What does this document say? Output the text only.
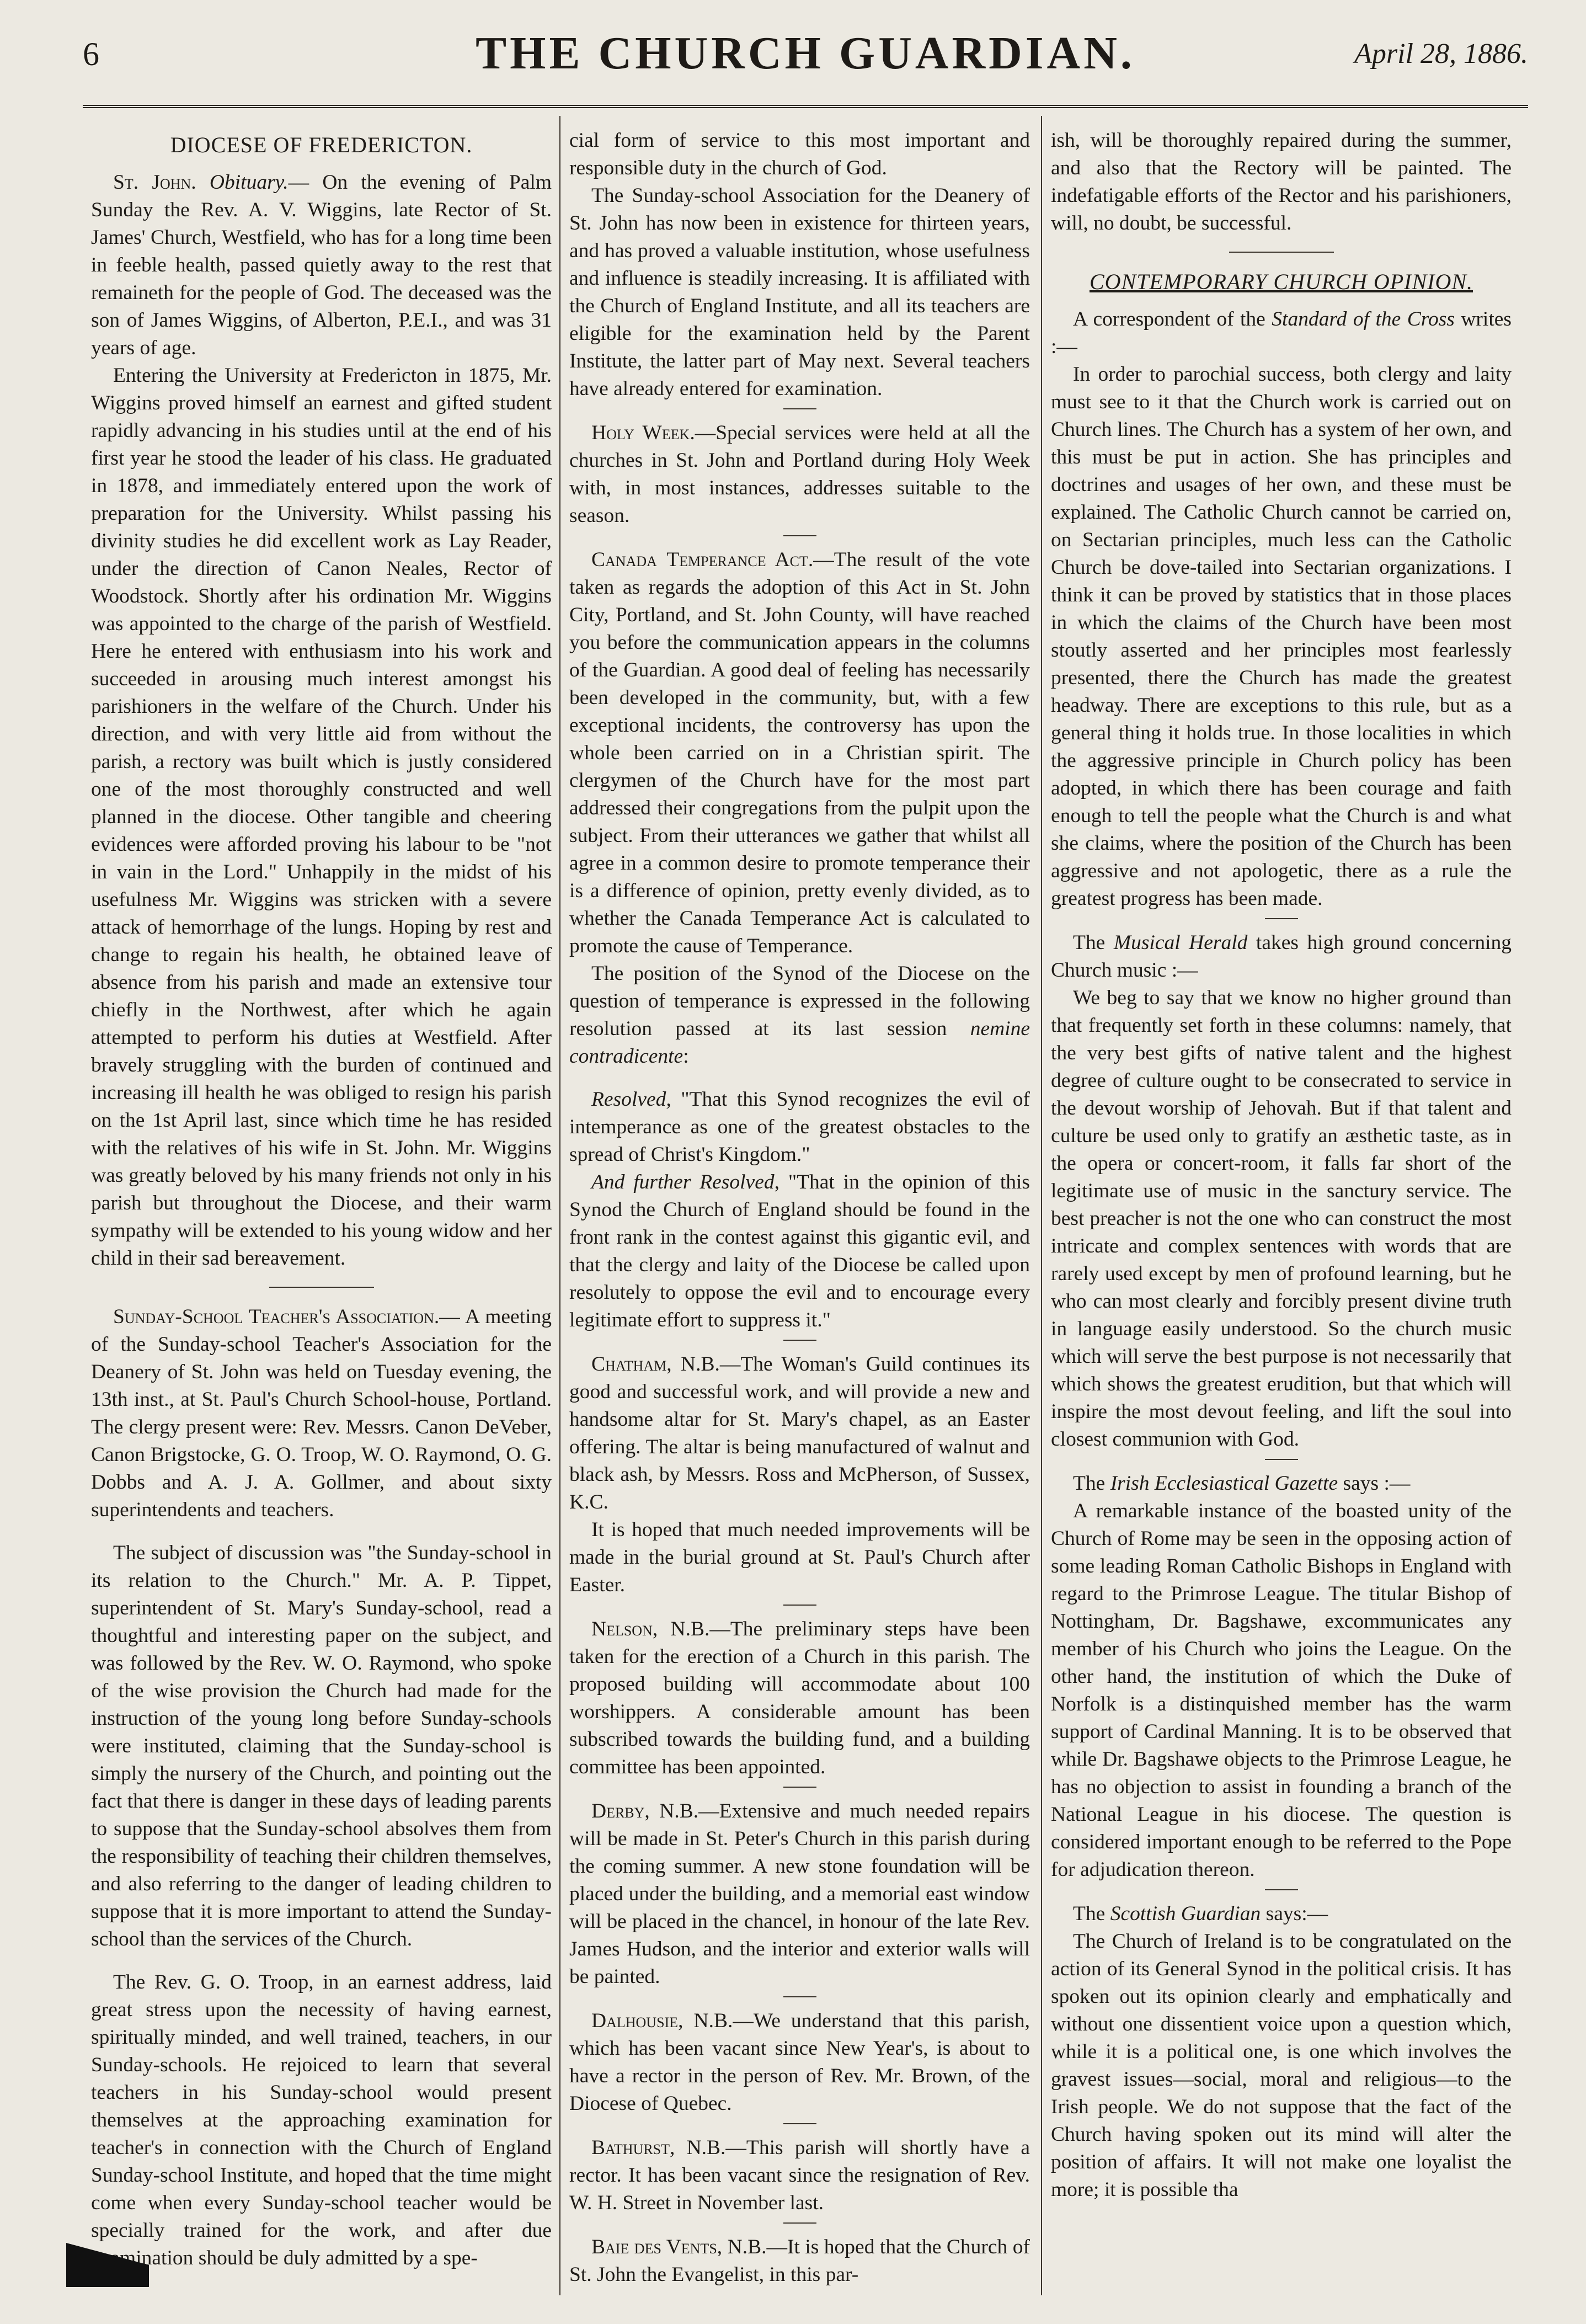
6	THE CHURCH GUARDIAN.	April 28, 1886.
DIOCESE OF FREDERICTON.

St. John. Obituary.— On the evening of Palm Sunday the Rev. A. V. Wiggins, late Rector of St. James' Church, Westfield, who has for a long time been in feeble health, passed quietly away to the rest that remaineth for the people of God. The deceased was the son of James Wiggins, of Alberton, P.E.I., and was 31 years of age.

Entering the University at Fredericton in 1875, Mr. Wiggins proved himself an earnest and gifted student rapidly advancing in his studies until at the end of his first year he stood the leader of his class. He graduated in 1878, and immediately entered upon the work of preparation for the University. Whilst passing his divinity studies he did excellent work as Lay Reader, under the direction of Canon Neales, Rector of Woodstock. Shortly after his ordination Mr. Wiggins was appointed to the charge of the parish of Westfield. Here he entered with enthusiasm into his work and succeeded in arousing much interest amongst his parishioners in the welfare of the Church. Under his direction, and with very little aid from without the parish, a rectory was built which is justly considered one of the most thoroughly constructed and well planned in the diocese. Other tangible and cheering evidences were afforded proving his labour to be "not in vain in the Lord." Unhappily in the midst of his usefulness Mr. Wiggins was stricken with a severe attack of hemorrhage of the lungs. Hoping by rest and change to regain his health, he obtained leave of absence from his parish and made an extensive tour chiefly in the Northwest, after which he again attempted to perform his duties at Westfield. After bravely struggling with the burden of continued and increasing ill health he was obliged to resign his parish on the 1st April last, since which time he has resided with the relatives of his wife in St. John. Mr. Wiggins was greatly beloved by his many friends not only in his parish but throughout the Diocese, and their warm sympathy will be extended to his young widow and her child in their sad bereavement.

Sunday-School Teacher's Association.— A meeting of the Sunday-school Teacher's Association for the Deanery of St. John was held on Tuesday evening, the 13th inst., at St. Paul's Church School-house, Portland. The clergy present were: Rev. Messrs. Canon DeVeber, Canon Brigstocke, G. O. Troop, W. O. Raymond, O. G. Dobbs and A. J. A. Gollmer, and about sixty superintendents and teachers.

The subject of discussion was "the Sunday-school in its relation to the Church." Mr. A. P. Tippet, superintendent of St. Mary's Sunday-school, read a thoughtful and interesting paper on the subject, and was followed by the Rev. W. O. Raymond, who spoke of the wise provision the Church had made for the instruction of the young long before Sunday-schools were instituted, claiming that the Sunday-school is simply the nursery of the Church, and pointing out the fact that there is danger in these days of leading parents to suppose that the Sunday-school absolves them from the responsibility of teaching their children themselves, and also referring to the danger of leading children to suppose that it is more important to attend the Sunday-school than the services of the Church.

The Rev. G. O. Troop, in an earnest address, laid great stress upon the necessity of having earnest, spiritually minded, and well trained, teachers, in our Sunday-schools. He rejoiced to learn that several teachers in his Sunday-school would present themselves at the approaching examination for teacher's in connection with the Church of England Sunday-school Institute, and hoped that the time might come when every Sunday-school teacher would be specially trained for the work, and after due examination should be duly admitted by a spe-

cial form of service to this most important and responsible duty in the church of God.

The Sunday-school Association for the Deanery of St. John has now been in existence for thirteen years, and has proved a valuable institution, whose usefulness and influence is steadily increasing. It is affiliated with the Church of England Institute, and all its teachers are eligible for the examination held by the Parent Institute, the latter part of May next. Several teachers have already entered for examination.

Holy Week.—Special services were held at all the churches in St. John and Portland during Holy Week with, in most instances, addresses suitable to the season.

Canada Temperance Act.—The result of the vote taken as regards the adoption of this Act in St. John City, Portland, and St. John County, will have reached you before the communication appears in the columns of the Guardian. A good deal of feeling has necessarily been developed in the community, but, with a few exceptional incidents, the controversy has upon the whole been carried on in a Christian spirit. The clergymen of the Church have for the most part addressed their congregations from the pulpit upon the subject. From their utterances we gather that whilst all agree in a common desire to promote temperance their is a difference of opinion, pretty evenly divided, as to whether the Canada Temperance Act is calculated to promote the cause of Temperance.

The position of the Synod of the Diocese on the question of temperance is expressed in the following resolution passed at its last session nemine contradicente:

Resolved, "That this Synod recognizes the evil of intemperance as one of the greatest obstacles to the spread of Christ's Kingdom."

And further Resolved, "That in the opinion of this Synod the Church of England should be found in the front rank in the contest against this gigantic evil, and that the clergy and laity of the Diocese be called upon resolutely to oppose the evil and to encourage every legitimate effort to suppress it."

Chatham, N.B.—The Woman's Guild continues its good and successful work, and will provide a new and handsome altar for St. Mary's chapel, as an Easter offering. The altar is being manufactured of walnut and black ash, by Messrs. Ross and McPherson, of Sussex, K.C.

It is hoped that much needed improvements will be made in the burial ground at St. Paul's Church after Easter.

Nelson, N.B.—The preliminary steps have been taken for the erection of a Church in this parish. The proposed building will accommodate about 100 worshippers. A considerable amount has been subscribed towards the building fund, and a building committee has been appointed.

Derby, N.B.—Extensive and much needed repairs will be made in St. Peter's Church in this parish during the coming summer. A new stone foundation will be placed under the building, and a memorial east window will be placed in the chancel, in honour of the late Rev. James Hudson, and the interior and exterior walls will be painted.

Dalhousie, N.B.—We understand that this parish, which has been vacant since New Year's, is about to have a rector in the person of Rev. Mr. Brown, of the Diocese of Quebec.

Bathurst, N.B.—This parish will shortly have a rector. It has been vacant since the resignation of Rev. W. H. Street in November last.

Baie des Vents, N.B.—It is hoped that the Church of St. John the Evangelist, in this par-

ish, will be thoroughly repaired during the summer, and also that the Rectory will be painted. The indefatigable efforts of the Rector and his parishioners, will, no doubt, be successful.

CONTEMPORARY CHURCH OPINION.

A correspondent of the Standard of the Cross writes :—

In order to parochial success, both clergy and laity must see to it that the Church work is carried out on Church lines. The Church has a system of her own, and this must be put in action. She has principles and doctrines and usages of her own, and these must be explained. The Catholic Church cannot be carried on, on Sectarian principles, much less can the Catholic Church be dove-tailed into Sectarian organizations. I think it can be proved by statistics that in those places in which the claims of the Church have been most stoutly asserted and her principles most fearlessly presented, there the Church has made the greatest headway. There are exceptions to this rule, but as a general thing it holds true. In those localities in which the aggressive principle in Church policy has been adopted, in which there has been courage and faith enough to tell the people what the Church is and what she claims, where the position of the Church has been aggressive and not apologetic, there as a rule the greatest progress has been made.

The Musical Herald takes high ground concerning Church music :—

We beg to say that we know no higher ground than that frequently set forth in these columns: namely, that the very best gifts of native talent and the highest degree of culture ought to be consecrated to service in the devout worship of Jehovah. But if that talent and culture be used only to gratify an æsthetic taste, as in the opera or concert-room, it falls far short of the legitimate use of music in the sanctury service. The best preacher is not the one who can construct the most intricate and complex sentences with words that are rarely used except by men of profound learning, but he who can most clearly and forcibly present divine truth in language easily understood. So the church music which will serve the best purpose is not necessarily that which shows the greatest erudition, but that which will inspire the most devout feeling, and lift the soul into closest communion with God.

The Irish Ecclesiastical Gazette says :—

A remarkable instance of the boasted unity of the Church of Rome may be seen in the opposing action of some leading Roman Catholic Bishops in England with regard to the Primrose League. The titular Bishop of Nottingham, Dr. Bagshawe, excommunicates any member of his Church who joins the League. On the other hand, the institution of which the Duke of Norfolk is a distinquished member has the warm support of Cardinal Manning. It is to be observed that while Dr. Bagshawe objects to the Primrose League, he has no objection to assist in founding a branch of the National League in his diocese. The question is considered important enough to be referred to the Pope for adjudication thereon.

The Scottish Guardian says:—

The Church of Ireland is to be congratulated on the action of its General Synod in the political crisis. It has spoken out its opinion clearly and emphatically and without one dissentient voice upon a question which, while it is a political one, is one which involves the gravest issues—social, moral and religious—to the Irish people. We do not suppose that the fact of the Church having spoken out its mind will alter the position of affairs. It will not make one loyalist the more; it is possible tha
